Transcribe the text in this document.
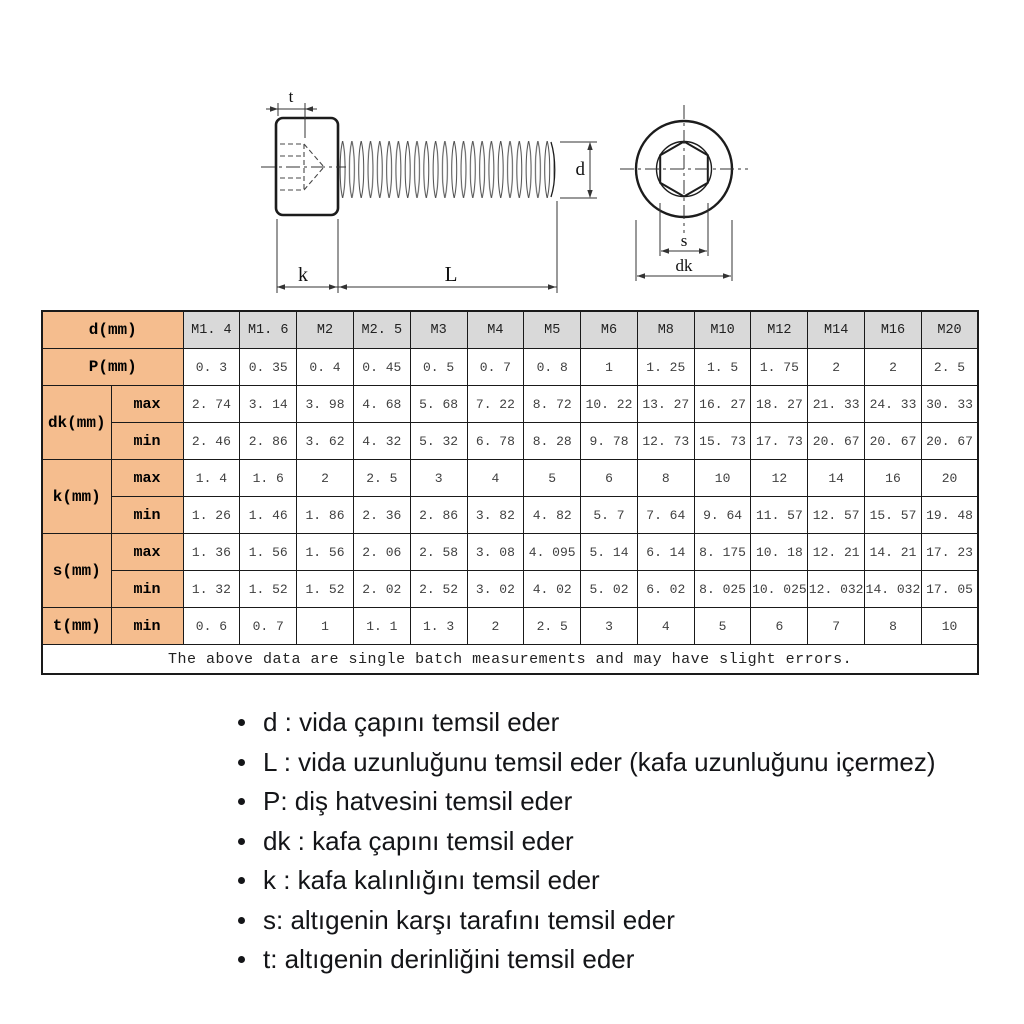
t
k	L
d
s
dk
d(mm)		M1. 4	M1. 6	M2	M2. 5	M3	M4	M5	M6	M8	M10	M12	M14	M16	M20
P(mm)		0. 3	0. 35	0. 4	0. 45	0. 5	0. 7	0. 8	1	1. 25	1. 5	1. 75	2	2	2. 5
dk(mm)	max	2. 74	3. 14	3. 98	4. 68	5. 68	7. 22	8. 72	10. 22	13. 27	16. 27	18. 27	21. 33	24. 33	30. 33
	min	2. 46	2. 86	3. 62	4. 32	5. 32	6. 78	8. 28	9. 78	12. 73	15. 73	17. 73	20. 67	20. 67	20. 67
k(mm)	max	1. 4	1. 6	2	2. 5	3	4	5	6	8	10	12	14	16	20
	min	1. 26	1. 46	1. 86	2. 36	2. 86	3. 82	4. 82	5. 7	7. 64	9. 64	11. 57	12. 57	15. 57	19. 48
s(mm)	max	1. 36	1. 56	1. 56	2. 06	2. 58	3. 08	4. 095	5. 14	6. 14	8. 175	10. 18	12. 21	14. 21	17. 23
	min	1. 32	1. 52	1. 52	2. 02	2. 52	3. 02	4. 02	5. 02	6. 02	8. 025	10. 025	12. 032	14. 032	17. 05
t(mm)	min	0. 6	0. 7	1	1. 1	1. 3	2	2. 5	3	4	5	6	7	8	10
The above data are single batch measurements and may have slight errors.															
d : vida çapını temsil eder
L : vida uzunluğunu temsil eder (kafa uzunluğunu içermez)
P: diş hatvesini temsil eder
dk : kafa çapını temsil eder
k : kafa kalınlığını temsil eder
s: altıgenin karşı tarafını temsil eder
t: altıgenin derinliğini temsil eder
